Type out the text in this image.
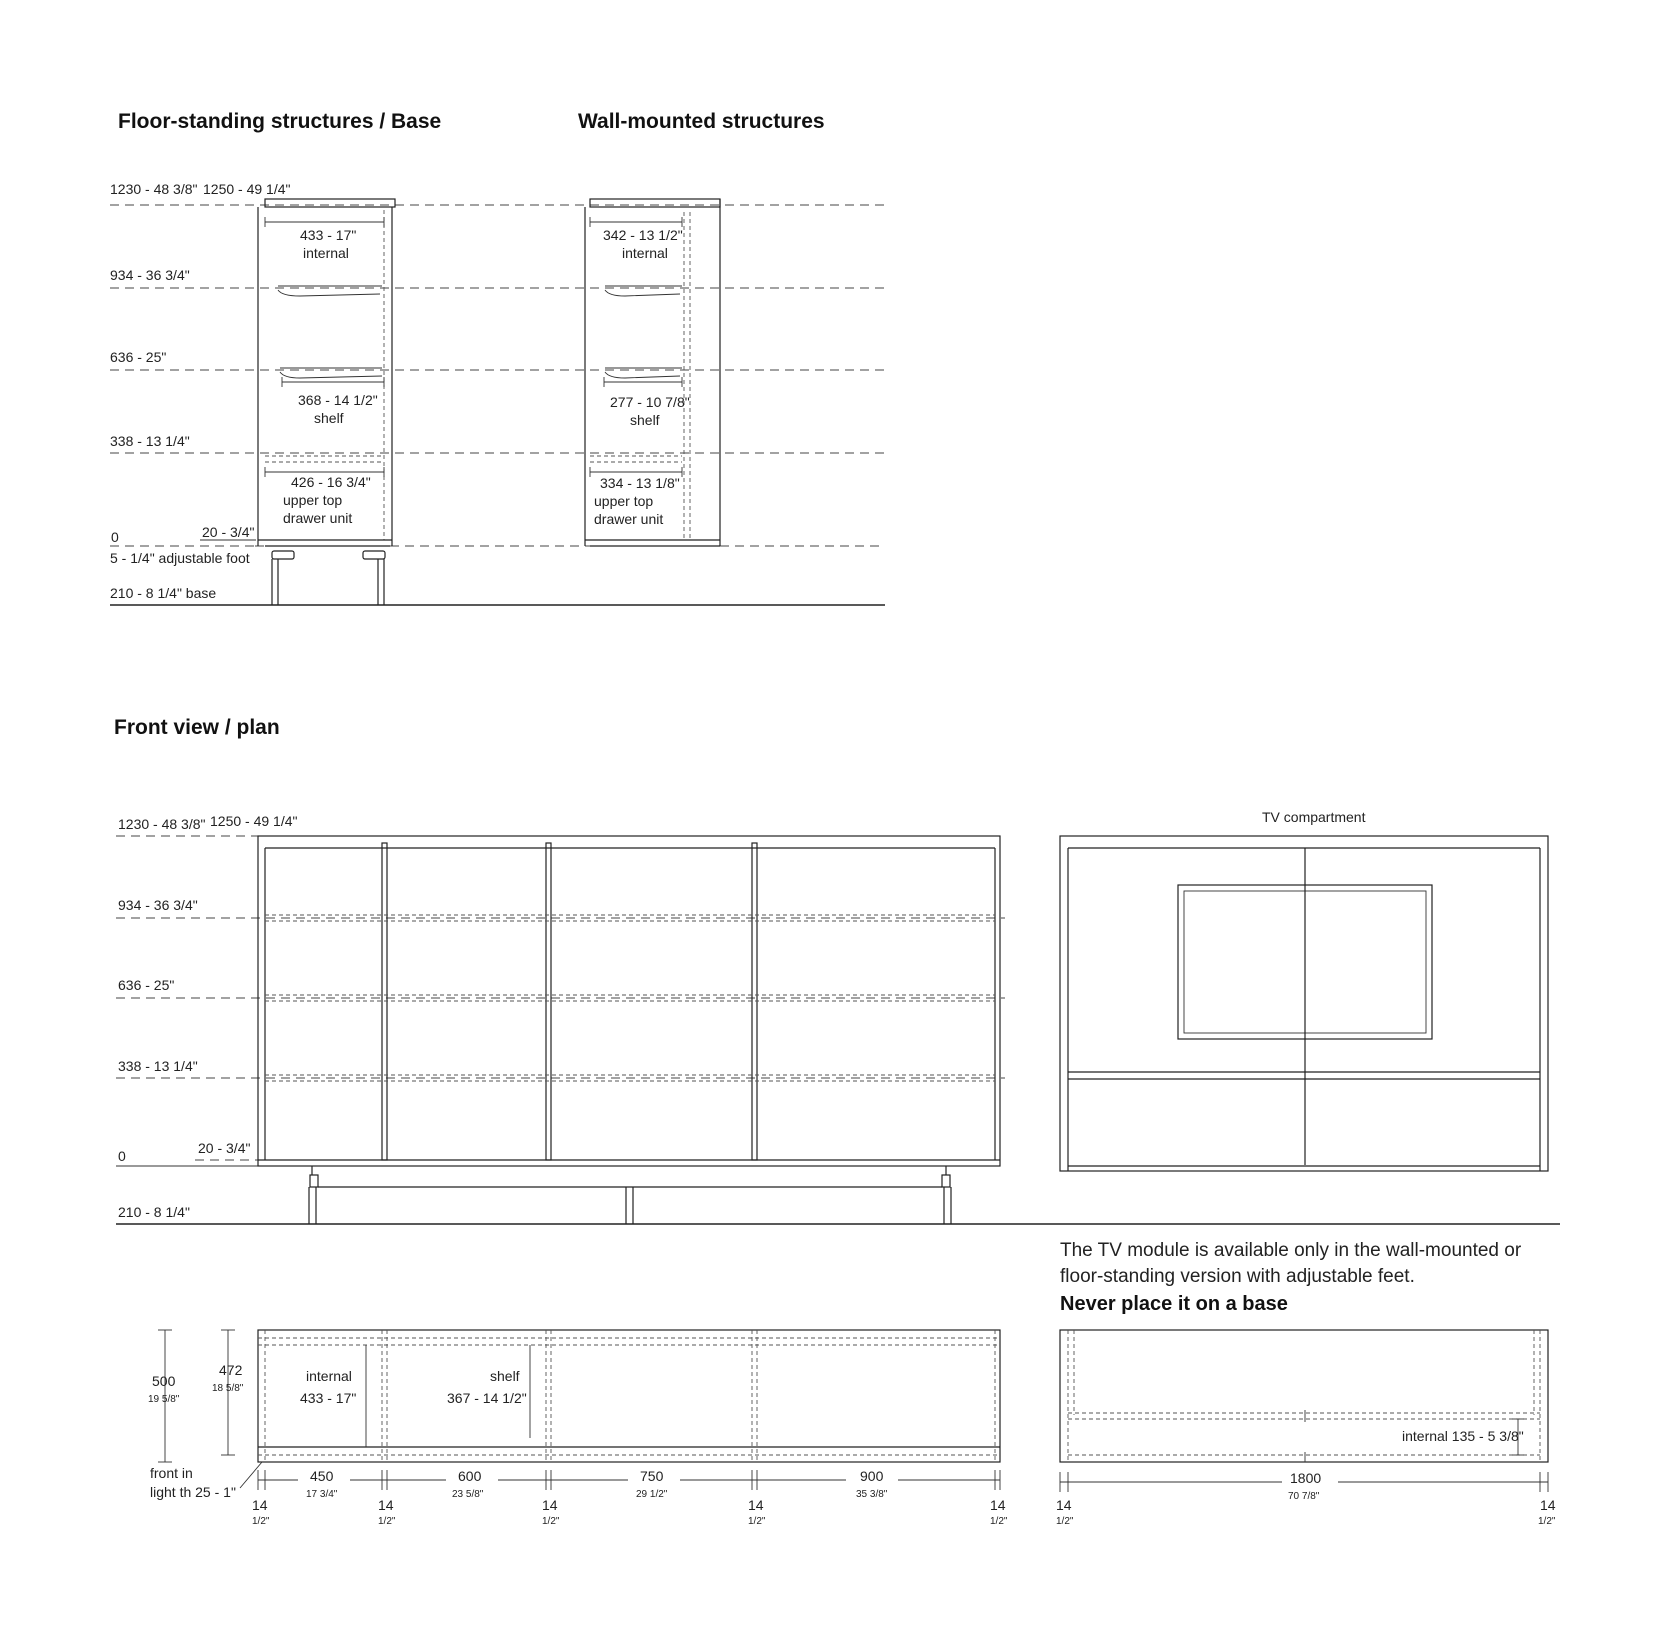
Floor-standing structures / Base	Wall-mounted structures
Front view / plan
1230 - 48 3/8" 1250 - 49 1/4"
934 - 36 3/4"
636 - 25"
338 - 13 1/4"
0	20 - 3/4"
5 - 1/4" adjustable foot
210 - 8 1/4" base
433 - 17"
internal
368 - 14 1/2"
shelf
426 - 16 3/4"
upper top
drawer unit
342 - 13 1/2"
internal
277 - 10 7/8"
shelf
334 - 13 1/8"
upper top
drawer unit
1230 - 48 3/8" 1250 - 49 1/4"
934 - 36 3/4"
636 - 25"
338 - 13 1/4"
0	20 - 3/4"
210 - 8 1/4"
TV compartment
The TV module is available only in the wall-mounted or
floor-standing version with adjustable feet.
Never place it on a base
500
19 5/8"
472
18 5/8"
internal
433 - 17"
shelf
367 - 14 1/2"
front in
light th 25 - 1"
450
17 3/4"
600
23 5/8"
750
29 1/2"
900
35 3/8"
14
1/2"
14
1/2"
14
1/2"
14
1/2"
14
1/2"
internal 135 - 5 3/8"
1800
70 7/8"
14
1/2"
14
1/2"
